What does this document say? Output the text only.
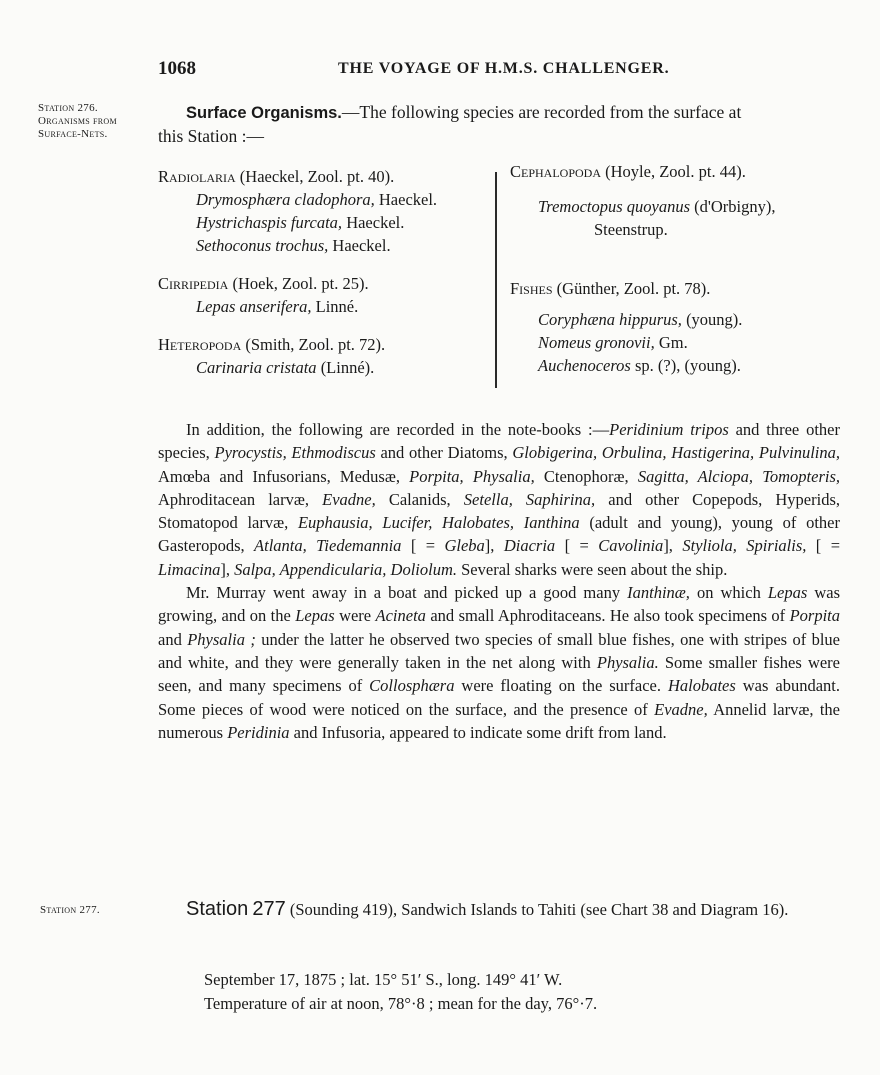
1068	THE VOYAGE OF H.M.S. CHALLENGER.
Station 276.
Organisms from
Surface-Nets.
Surface Organisms.—The following species are recorded from the surface at
this Station :—
Radiolaria (Haeckel, Zool. pt. 40).
Drymosphæra cladophora, Haeckel.
Hystrichaspis furcata, Haeckel.
Sethoconus trochus, Haeckel.
Cirripedia (Hoek, Zool. pt. 25).
Lepas anserifera, Linné.
Heteropoda (Smith, Zool. pt. 72).
Carinaria cristata (Linné).
Cephalopoda (Hoyle, Zool. pt. 44).
Tremoctopus quoyanus (d'Orbigny),
Steenstrup.
Fishes (Günther, Zool. pt. 78).
Coryphæna hippurus, (young).
Nomeus gronovii, Gm.
Auchenoceros sp. (?), (young).

In addition, the following are recorded in the note-books :—Peridinium tripos and three other species, Pyrocystis, Ethmodiscus and other Diatoms, Globigerina, Orbulina, Hastigerina, Pulvinulina, Amœba and Infusorians, Medusæ, Porpita, Physalia, Ctenophoræ, Sagitta, Alciopa, Tomopteris, Aphroditacean larvæ, Evadne, Calanids, Setella, Saphirina, and other Copepods, Hyperids, Stomatopod larvæ, Euphausia, Lucifer, Halobates, Ianthina (adult and young), young of other Gasteropods, Atlanta, Tiedemannia [ = Gleba], Diacria [ = Cavolinia], Styliola, Spirialis, [ = Limacina], Salpa, Appendicularia, Doliolum. Several sharks were seen about the ship.

Mr. Murray went away in a boat and picked up a good many Ianthinæ, on which Lepas was growing, and on the Lepas were Acineta and small Aphroditaceans. He also took specimens of Porpita and Physalia ; under the latter he observed two species of small blue fishes, one with stripes of blue and white, and they were generally taken in the net along with Physalia. Some smaller fishes were seen, and many specimens of Collosphæra were floating on the surface. Halobates was abundant. Some pieces of wood were noticed on the surface, and the presence of Evadne, Annelid larvæ, the numerous Peridinia and Infusoria, appeared to indicate some drift from land.

Station 277.	Station 277 (Sounding 419), Sandwich Islands to Tahiti (see Chart 38 and Diagram 16).
September 17, 1875 ; lat. 15° 51′ S., long. 149° 41′ W.
Temperature of air at noon, 78°·8 ; mean for the day, 76°·7.
